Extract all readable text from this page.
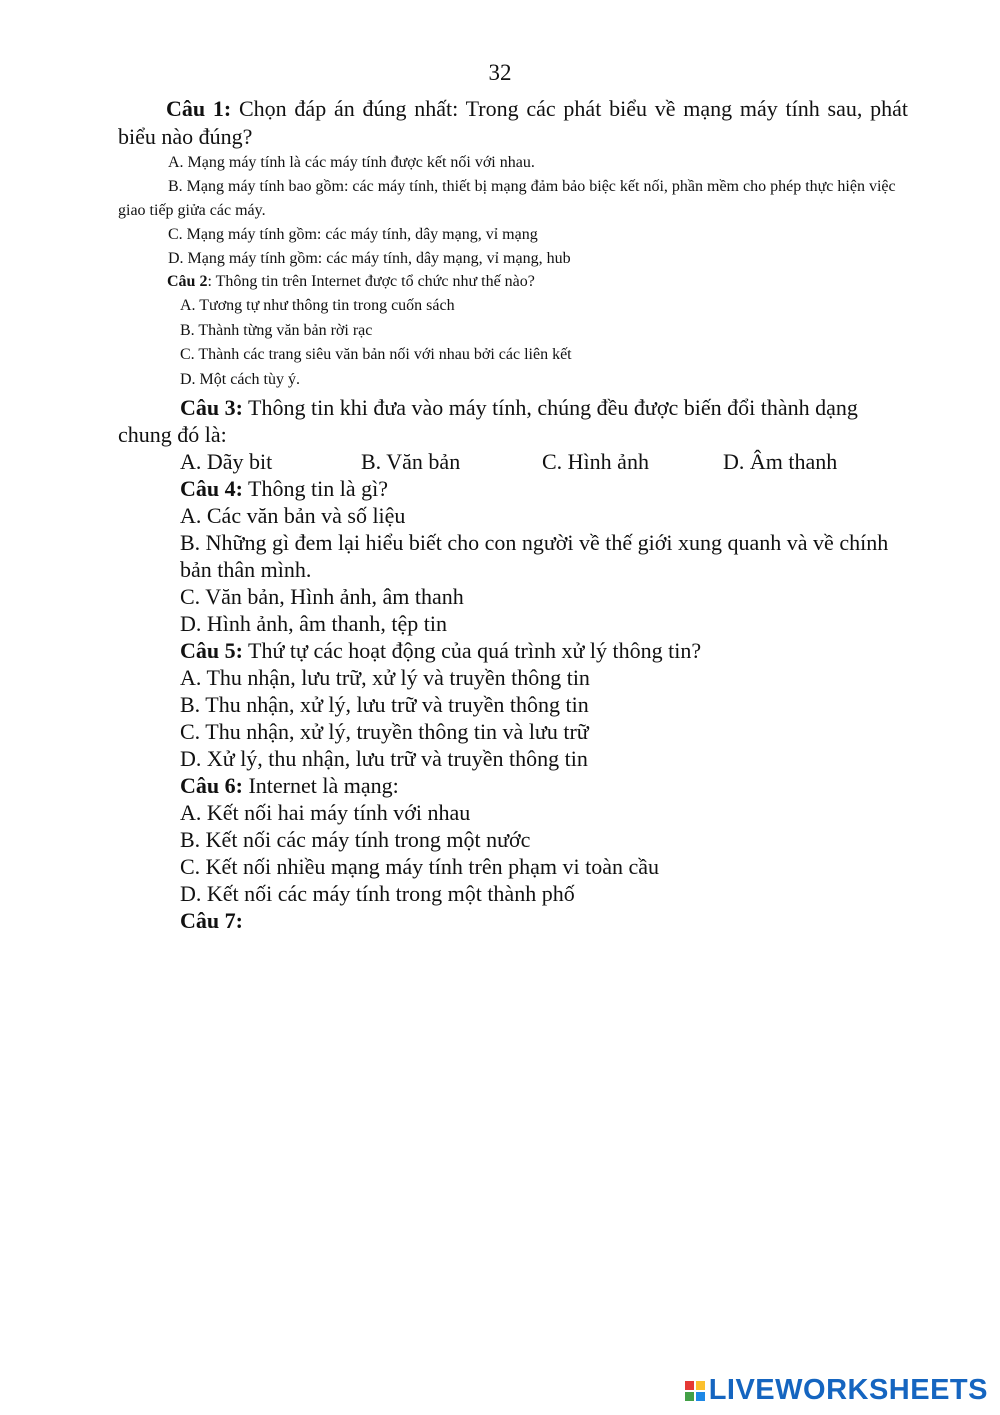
32
Câu 1: Chọn đáp án đúng nhất: Trong các phát biểu về mạng máy tính sau, phát biểu nào đúng?
A. Mạng máy tính là các máy tính được kết nối với nhau.
B. Mạng máy tính bao gồm: các máy tính, thiết bị mạng đảm bảo biệc kết nối, phần mềm cho phép thực hiện việc giao tiếp giửa các máy.
C. Mạng máy tính gồm: các máy tính, dây mạng, vỉ mạng
D. Mạng máy tính gồm: các máy tính, dây mạng, vỉ mạng, hub
Câu 2: Thông tin trên Internet được tổ chức như thế nào?
A. Tương tự như thông tin trong cuốn sách
B. Thành từng văn bản rời rạc
C. Thành các trang siêu văn bản nối với nhau bởi các liên kết
D. Một cách tùy ý.
Câu 3: Thông tin khi đưa vào máy tính, chúng đều được biến đổi thành dạng chung đó là:
A. Dãy bit	B. Văn bản	C. Hình ảnh	D. Âm thanh
Câu 4: Thông tin là gì?
A. Các văn bản và số liệu
B. Những gì đem lại hiểu biết cho con người về thế giới xung quanh và về chính bản thân mình.
C. Văn bản, Hình ảnh, âm thanh
D. Hình ảnh, âm thanh, tệp tin
Câu 5: Thứ tự các hoạt động của quá trình xử lý thông tin?
A. Thu nhận, lưu trữ, xử lý và truyền thông tin
B. Thu nhận, xử lý, lưu trữ và truyền thông tin
C. Thu nhận, xử lý, truyền thông tin và lưu trữ
D. Xử lý, thu nhận, lưu trữ và truyền thông tin
Câu 6: Internet là mạng:
A. Kết nối hai máy tính với nhau
B. Kết nối các máy tính trong một nước
C. Kết nối nhiều mạng máy tính trên phạm vi toàn cầu
D. Kết nối các máy tính trong một thành phố
Câu 7:
LIVEWORKSHEETS
